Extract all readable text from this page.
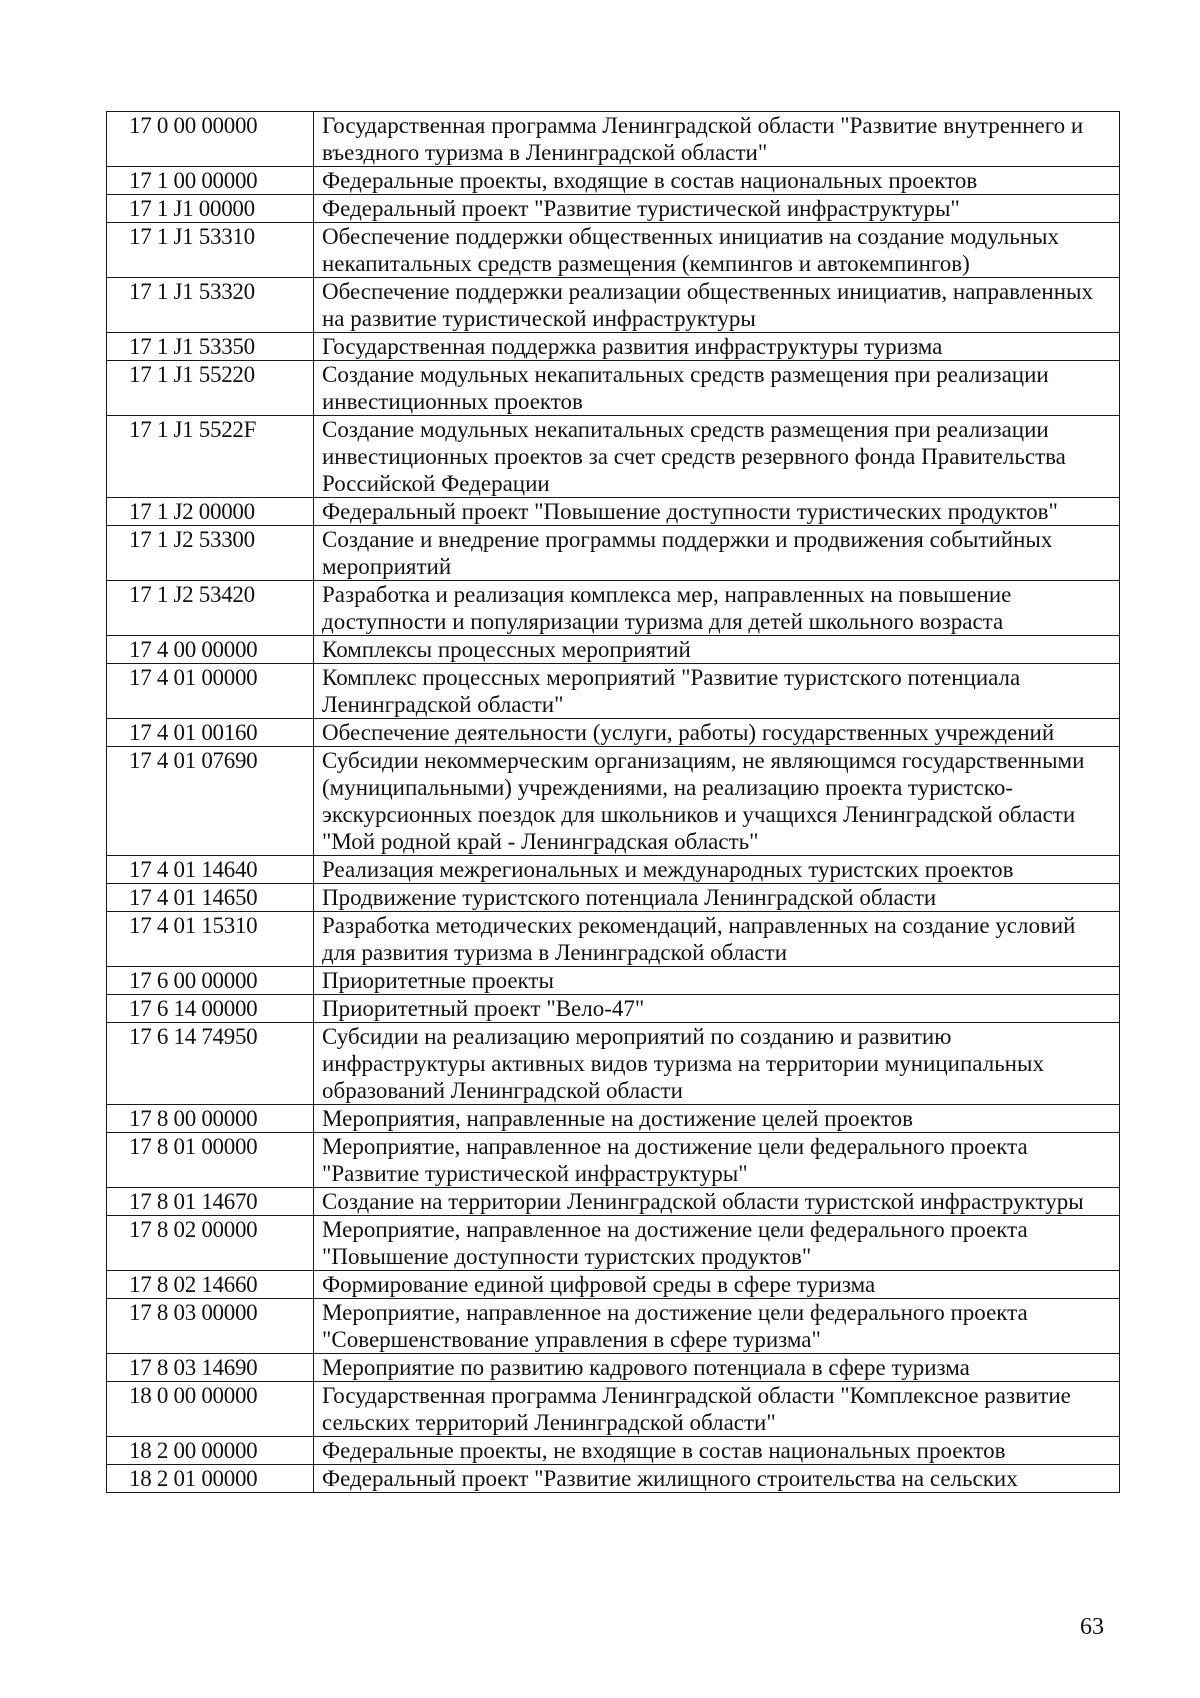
17 0 00 00000	Государственная программа Ленинградской области "Развитие внутреннего и въездного туризма в Ленинградской области"
17 1 00 00000	Федеральные проекты, входящие в состав национальных проектов
17 1 J1 00000	Федеральный проект "Развитие туристической инфраструктуры"
17 1 J1 53310	Обеспечение поддержки общественных инициатив на создание модульных некапитальных средств размещения (кемпингов и автокемпингов)
17 1 J1 53320	Обеспечение поддержки реализации общественных инициатив, направленных на развитие туристической инфраструктуры
17 1 J1 53350	Государственная поддержка развития инфраструктуры туризма
17 1 J1 55220	Создание модульных некапитальных средств размещения при реализации инвестиционных проектов
17 1 J1 5522F	Создание модульных некапитальных средств размещения при реализации инвестиционных проектов за счет средств резервного фонда Правительства Российской Федерации
17 1 J2 00000	Федеральный проект "Повышение доступности туристических продуктов"
17 1 J2 53300	Создание и внедрение программы поддержки и продвижения событийных мероприятий
17 1 J2 53420	Разработка и реализация комплекса мер, направленных на повышение доступности и популяризации туризма для детей школьного возраста
17 4 00 00000	Комплексы процессных мероприятий
17 4 01 00000	Комплекс процессных мероприятий "Развитие туристского потенциала Ленинградской области"
17 4 01 00160	Обеспечение деятельности (услуги, работы) государственных учреждений
17 4 01 07690	Субсидии некоммерческим организациям, не являющимся государственными (муниципальными) учреждениями, на реализацию проекта туристско-экскурсионных поездок для школьников и учащихся Ленинградской области "Мой родной край - Ленинградская область"
17 4 01 14640	Реализация межрегиональных и международных туристских проектов
17 4 01 14650	Продвижение туристского потенциала Ленинградской области
17 4 01 15310	Разработка методических рекомендаций, направленных на создание условий для развития туризма в Ленинградской области
17 6 00 00000	Приоритетные проекты
17 6 14 00000	Приоритетный проект "Вело-47"
17 6 14 74950	Субсидии на реализацию мероприятий по созданию и развитию инфраструктуры активных видов туризма на территории муниципальных образований Ленинградской области
17 8 00 00000	Мероприятия, направленные на достижение целей проектов
17 8 01 00000	Мероприятие, направленное на достижение цели федерального проекта "Развитие туристической инфраструктуры"
17 8 01 14670	Создание на территории Ленинградской области туристской инфраструктуры
17 8 02 00000	Мероприятие, направленное на достижение цели федерального проекта "Повышение доступности туристских продуктов"
17 8 02 14660	Формирование единой цифровой среды в сфере туризма
17 8 03 00000	Мероприятие, направленное на достижение цели федерального проекта "Совершенствование управления в сфере туризма"
17 8 03 14690	Мероприятие по развитию кадрового потенциала в сфере туризма
18 0 00 00000	Государственная программа Ленинградской области "Комплексное развитие сельских территорий Ленинградской области"
18 2 00 00000	Федеральные проекты, не входящие в состав национальных проектов
18 2 01 00000	Федеральный проект "Развитие жилищного строительства на сельских
63
